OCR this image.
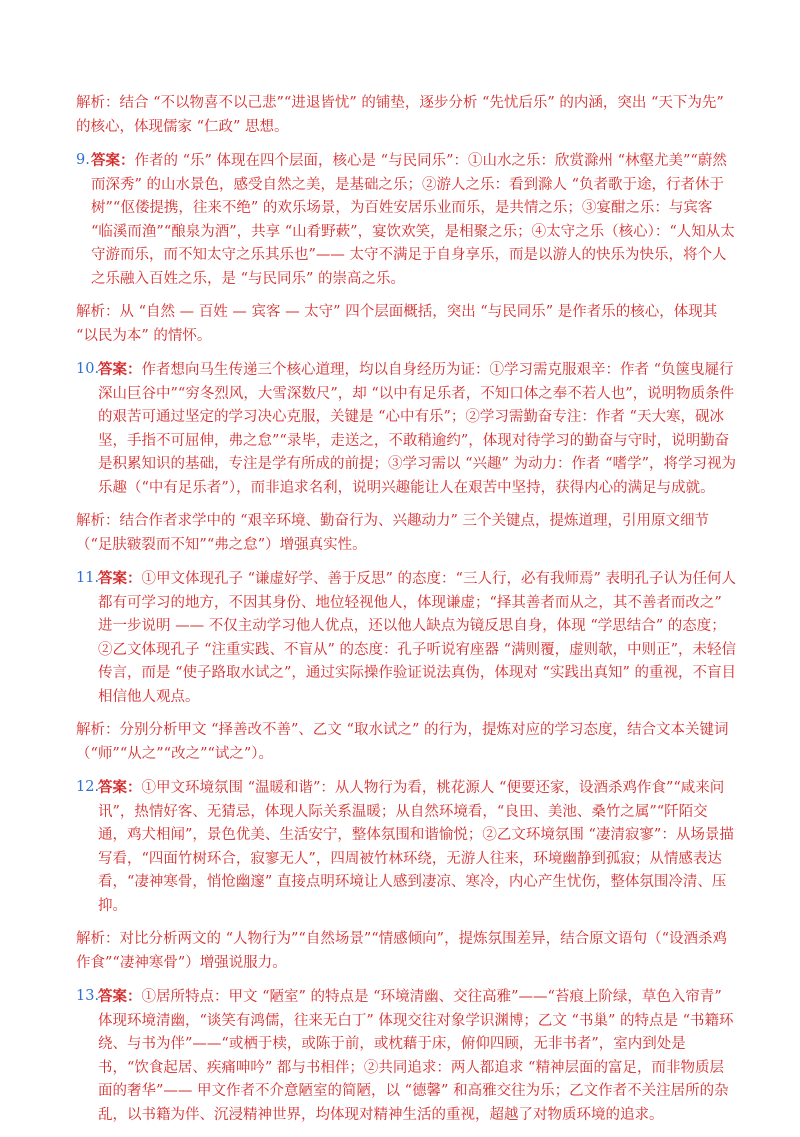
解析：结合 “不以物喜不以己悲”“进退皆忧” 的铺垫，逐步分析 “先忧后乐” 的内涵，突出 “天下为先” 的核心，体现儒家 “仁政” 思想。

9. 答案：作者的 “乐” 体现在四个层面，核心是 “与民同乐”：①山水之乐：欣赏滁州 “林壑尤美”“蔚然而深秀” 的山水景色，感受自然之美，是基础之乐；②游人之乐：看到滁人 “负者歌于途，行者休于树”“伛偻提携，往来不绝” 的欢乐场景，为百姓安居乐业而乐，是共情之乐；③宴酣之乐：与宾客 “临溪而渔”“酿泉为酒”，共享 “山肴野蔌”，宴饮欢笑，是相聚之乐；④太守之乐（核心）：“人知从太守游而乐，而不知太守之乐其乐也”—— 太守不满足于自身享乐，而是以游人的快乐为快乐，将个人之乐融入百姓之乐，是 “与民同乐” 的崇高之乐。

解析：从 “自然 — 百姓 — 宾客 — 太守” 四个层面概括，突出 “与民同乐” 是作者乐的核心，体现其 “以民为本” 的情怀。

10.

答案：作者想向马生传递三个核心道理，均以自身经历为证：①学习需克服艰辛：作者 “负箧曳屣行深山巨谷中”“穷冬烈风，大雪深数尺”，却 “以中有足乐者，不知口体之奉不若人也”，说明物质条件的艰苦可通过坚定的学习决心克服，关键是 “心中有乐”；②学习需勤奋专注：作者 “天大寒，砚冰坚，手指不可屈伸，弗之怠”“录毕，走送之，不敢稍逾约”，体现对待学习的勤奋与守时，说明勤奋是积累知识的基础，专注是学有所成的前提；③学习需以 “兴趣” 为动力：作者 “嗜学”，将学习视为乐趣（“中有足乐者”），而非追求名利，说明兴趣能让人在艰苦中坚持，获得内心的满足与成就。

解析：结合作者求学中的 “艰辛环境、勤奋行为、兴趣动力” 三个关键点，提炼道理，引用原文细节（“足肤皲裂而不知”“弗之怠”）增强真实性。

11.

答案：①甲文体现孔子 “谦虚好学、善于反思” 的态度：“三人行，必有我师焉” 表明孔子认为任何人都有可学习的地方，不因其身份、地位轻视他人，体现谦虚；“择其善者而从之，其不善者而改之” 进一步说明 —— 不仅主动学习他人优点，还以他人缺点为镜反思自身，体现 “学思结合” 的态度；②乙文体现孔子 “注重实践、不盲从” 的态度：孔子听说宥座器 “满则覆，虚则欹，中则正”，未轻信传言，而是 “使子路取水试之”，通过实际操作验证说法真伪，体现对 “实践出真知” 的重视，不盲目相信他人观点。

解析：分别分析甲文 “择善改不善”、乙文 “取水试之” 的行为，提炼对应的学习态度，结合文本关键词（“师”“从之”“改之”“试之”）。

12.

答案：①甲文环境氛围 “温暖和谐”：从人物行为看，桃花源人 “便要还家，设酒杀鸡作食”“咸来问讯”，热情好客、无猜忌，体现人际关系温暖；从自然环境看，“良田、美池、桑竹之属”“阡陌交通，鸡犬相闻”，景色优美、生活安宁，整体氛围和谐愉悦；②乙文环境氛围 “凄清寂寥”：从场景描写看，“四面竹树环合，寂寥无人”，四周被竹林环绕，无游人往来，环境幽静到孤寂；从情感表达看，“凄神寒骨，悄怆幽邃” 直接点明环境让人感到凄凉、寒冷，内心产生忧伤，整体氛围冷清、压抑。

解析：对比分析两文的 “人物行为”“自然场景”“情感倾向”，提炼氛围差异，结合原文语句（“设酒杀鸡作食”“凄神寒骨”）增强说服力。

13.

答案：①居所特点：甲文 “陋室” 的特点是 “环境清幽、交往高雅”——“苔痕上阶绿，草色入帘青” 体现环境清幽，“谈笑有鸿儒，往来无白丁” 体现交往对象学识渊博；乙文 “书巢” 的特点是 “书籍环绕、与书为伴”——“或栖于椟，或陈于前，或枕藉于床，俯仰四顾，无非书者”，室内到处是书，“饮食起居、疾痛呻吟” 都与书相伴；②共同追求：两人都追求 “精神层面的富足，而非物质层面的奢华”—— 甲文作者不介意陋室的简陋，以 “德馨” 和高雅交往为乐；乙文作者不关注居所的杂乱，以书籍为伴、沉浸精神世界，均体现对精神生活的重视，超越了对物质环境的追求。
